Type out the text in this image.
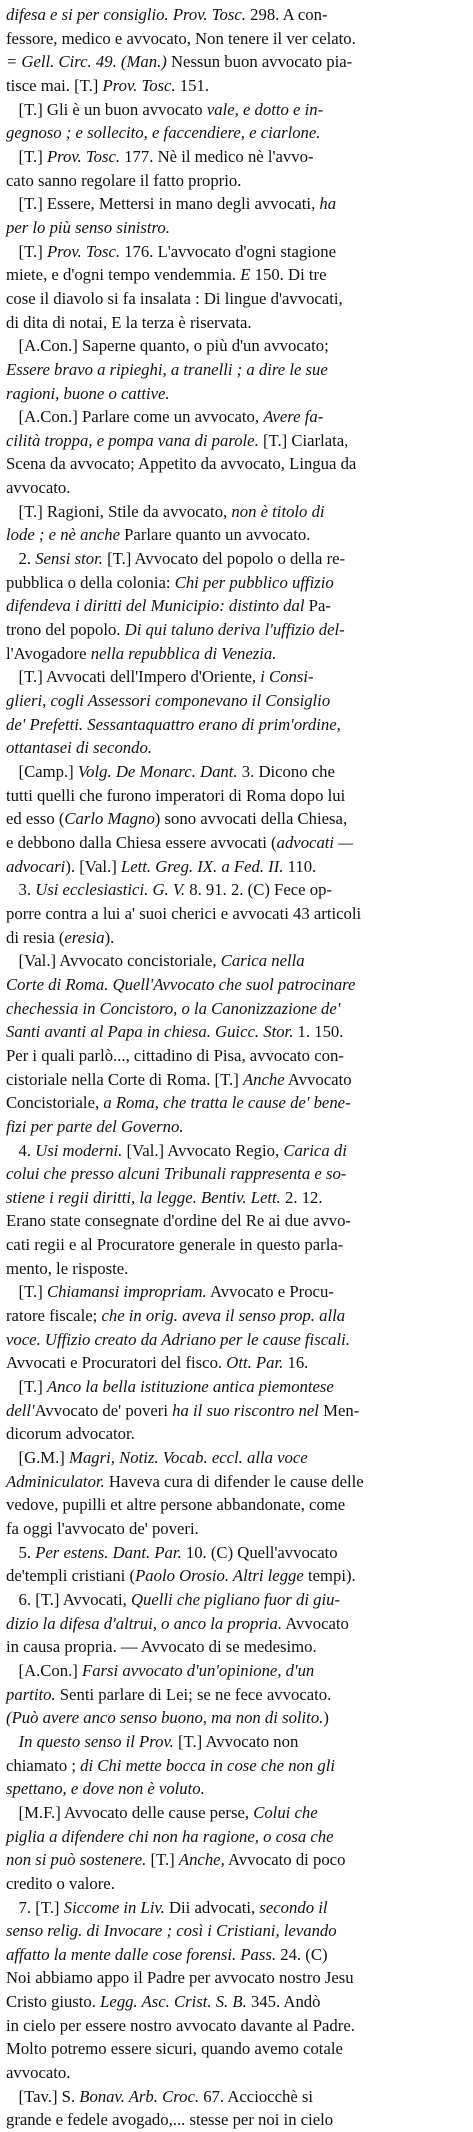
difesa e si per consiglio. Prov. Tosc. 298. A con-
fessore, medico e avvocato, Non tenere il ver celato.
= Gell. Circ. 49. (Man.) Nessun buon avvocato pia-
tisce mai. [T.] Prov. Tosc. 151.
[T.] Gli è un buon avvocato vale, e dotto e in-
gegnoso ; e sollecito, e faccendiere, e ciarlone.
[T.] Prov. Tosc. 177. Nè il medico nè l'avvo-
cato sanno regolare il fatto proprio.
[T.] Essere, Mettersi in mano degli avvocati, ha
per lo più senso sinistro.
[T.] Prov. Tosc. 176. L'avvocato d'ogni stagione
miete, e d'ogni tempo vendemmia. E 150. Di tre
cose il diavolo si fa insalata : Di lingue d'avvocati,
di dita di notai, E la terza è riservata.
[A.Con.] Saperne quanto, o più d'un avvocato;
Essere bravo a ripieghi, a tranelli ; a dire le sue
ragioni, buone o cattive.
[A.Con.] Parlare come un avvocato, Avere fa-
cilità troppa, e pompa vana di parole. [T.] Ciarlata,
Scena da avvocato; Appetito da avvocato, Lingua da
avvocato.
[T.] Ragioni, Stile da avvocato, non è titolo di
lode ; e nè anche Parlare quanto un avvocato.
2. Sensi stor. [T.] Avvocato del popolo o della re-
pubblica o della colonia: Chi per pubblico uffizio
difendeva i diritti del Municipio: distinto dal Pa-
trono del popolo. Di qui taluno deriva l'uffizio del-
l'Avogadore nella repubblica di Venezia.
[T.] Avvocati dell'Impero d'Oriente, i Consi-
glieri, cogli Assessori componevano il Consiglio
de' Prefetti. Sessantaquattro erano di prim'ordine,
ottantasei di secondo.
[Camp.] Volg. De Monarc. Dant. 3. Dicono che
tutti quelli che furono imperatori di Roma dopo lui
ed esso (Carlo Magno) sono avvocati della Chiesa,
e debbono dalla Chiesa essere avvocati (advocati —
advocari). [Val.] Lett. Greg. IX. a Fed. II. 110.
3. Usi ecclesiastici. G. V. 8. 91. 2. (C) Fece op-
porre contra a lui a' suoi cherici e avvocati 43 articoli
di resia (eresia).
[Val.] Avvocato concistoriale, Carica nella
Corte di Roma. Quell'Avvocato che suol patrocinare
chechessia in Concistoro, o la Canonizzazione de'
Santi avanti al Papa in chiesa. Guicc. Stor. 1. 150.
Per i quali parlò..., cittadino di Pisa, avvocato con-
cistoriale nella Corte di Roma. [T.] Anche Avvocato
Concistoriale, a Roma, che tratta le cause de' bene-
fizi per parte del Governo.
4. Usi moderni. [Val.] Avvocato Regio, Carica di
colui che presso alcuni Tribunali rappresenta e so-
stiene i regii diritti, la legge. Bentiv. Lett. 2. 12.
Erano state consegnate d'ordine del Re ai due avvo-
cati regii e al Procuratore generale in questo parla-
mento, le risposte.
[T.] Chiamansi impropriam. Avvocato e Procu-
ratore fiscale; che in orig. aveva il senso prop. alla
voce. Uffizio creato da Adriano per le cause fiscali.
Avvocati e Procuratori del fisco. Ott. Par. 16.
[T.] Anco la bella istituzione antica piemontese
dell'Avvocato de' poveri ha il suo riscontro nel Men-
dicorum advocator.
[G.M.] Magri, Notiz. Vocab. eccl. alla voce
Adminiculator. Haveva cura di difender le cause delle
vedove, pupilli et altre persone abbandonate, come
fa oggi l'avvocato de' poveri.
5. Per estens. Dant. Par. 10. (C) Quell'avvocato
de'templi cristiani (Paolo Orosio. Altri legge tempi).
6. [T.] Avvocati, Quelli che pigliano fuor di giu-
dizio la difesa d'altrui, o anco la propria. Avvocato
in causa propria. — Avvocato di se medesimo.
[A.Con.] Farsi avvocato d'un'opinione, d'un
partito. Senti parlare di Lei; se ne fece avvocato.
(Può avere anco senso buono, ma non di solito.)
In questo senso il Prov. [T.] Avvocato non
chiamato ; di Chi mette bocca in cose che non gli
spettano, e dove non è voluto.
[M.F.] Avvocato delle cause perse, Colui che
piglia a difendere chi non ha ragione, o cosa che
non si può sostenere. [T.] Anche, Avvocato di poco
credito o valore.
7. [T.] Siccome in Liv. Dii advocati, secondo il
senso relig. di Invocare ; così i Cristiani, levando
affatto la mente dalle cose forensi. Pass. 24. (C)
Noi abbiamo appo il Padre per avvocato nostro Jesu
Cristo giusto. Legg. Asc. Crist. S. B. 345. Andò
in cielo per essere nostro avvocato davante al Padre.
Molto potremo essere sicuri, quando avemo cotale
avvocato.
[Tav.] S. Bonav. Arb. Croc. 67. Acciocchè si
grande e fedele avogado,... stesse per noi in cielo
